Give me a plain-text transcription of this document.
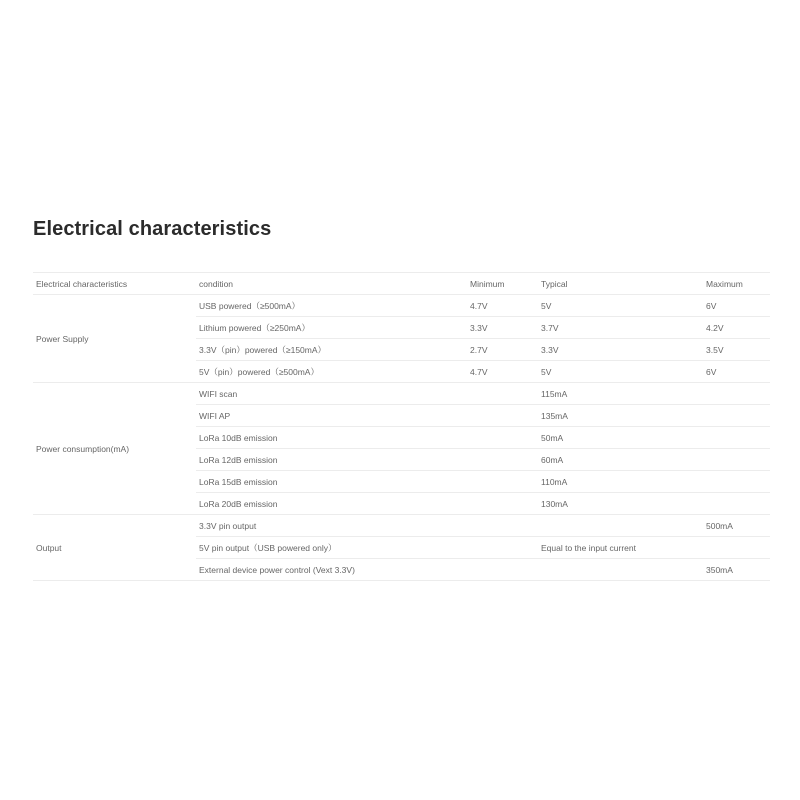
Electrical characteristics
Electrical characteristics	condition	Minimum	Typical	Maximum
Power Supply	USB powered（≥500mA）	4.7V	5V	6V
	Lithium powered（≥250mA）	3.3V	3.7V	4.2V
	3.3V（pin）powered（≥150mA）	2.7V	3.3V	3.5V
	5V（pin）powered（≥500mA）	4.7V	5V	6V
Power consumption(mA)	WIFI scan		115mA	
	WIFI AP		135mA	
	LoRa 10dB emission		50mA	
	LoRa 12dB emission		60mA	
	LoRa 15dB emission		110mA	
	LoRa 20dB emission		130mA	
Output	3.3V pin output			500mA
	5V pin output（USB powered only）		Equal to the input current	
	External device power control (Vext 3.3V)			350mA
